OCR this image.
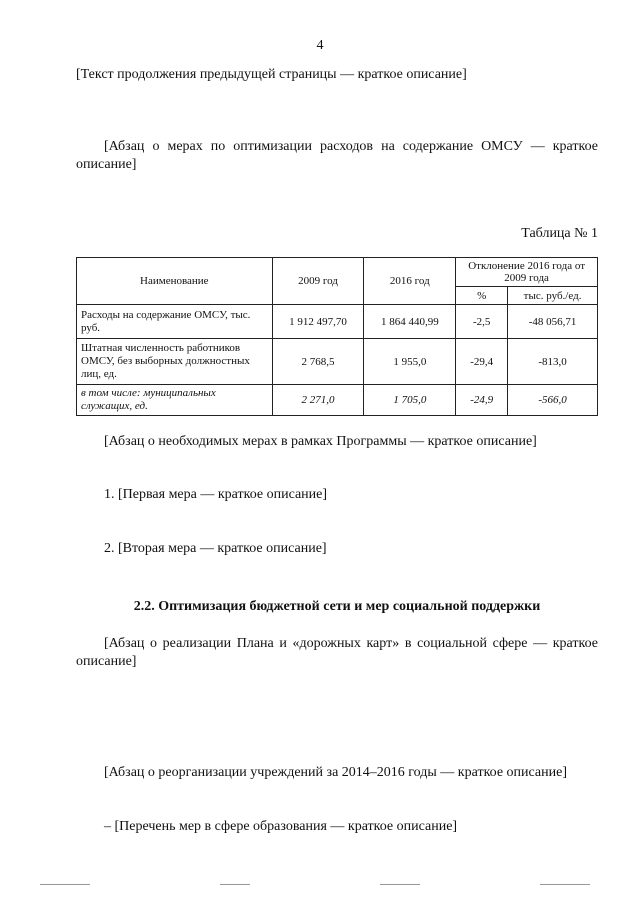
4
[Текст продолжения предыдущей страницы — краткое описание]
[Абзац о мерах по оптимизации расходов на содержание ОМСУ — краткое описание]
Таблица № 1
Наименование	2009 год	2016 год	Отклонение 2016 года от 2009 года	
			%	тыс. руб./ед.
Расходы на содержание ОМСУ, тыс. руб.	1 912 497,70	1 864 440,99	-2,5	-48 056,71
Штатная численность работников ОМСУ, без выборных должностных лиц, ед.	2 768,5	1 955,0	-29,4	-813,0
в том числе: муниципальных служащих, ед.	2 271,0	1 705,0	-24,9	-566,0
[Абзац о необходимых мерах в рамках Программы — краткое описание]
1. [Первая мера — краткое описание]
2. [Вторая мера — краткое описание]
2.2. Оптимизация бюджетной сети и мер социальной поддержки
[Абзац о реализации Плана и «дорожных карт» в социальной сфере — краткое описание]
[Абзац о реорганизации учреждений за 2014–2016 годы — краткое описание]
– [Перечень мер в сфере образования — краткое описание]
